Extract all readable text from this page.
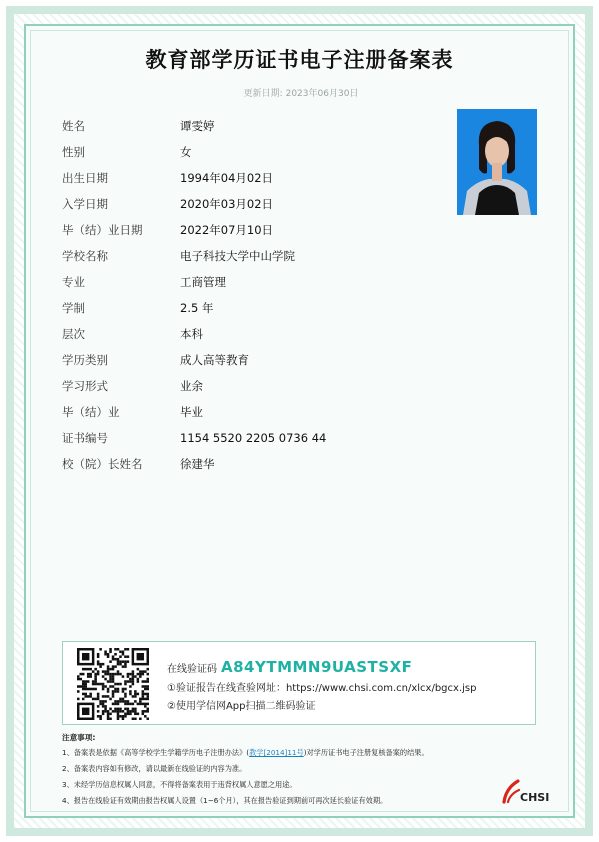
教育部学历证书电子注册备案表
更新日期: 2023年06月30日
姓名	谭雯婷
性别	女
出生日期	1994年04月02日
入学日期	2020年03月02日
毕（结）业日期	2022年07月10日
学校名称	电子科技大学中山学院
专业	工商管理
学制	2.5 年
层次	本科
学历类别	成人高等教育
学习形式	业余
毕（结）业	毕业
证书编号	1154 5520 2205 0736 44
校（院）长姓名	徐建华
在线验证码 A84YTMMN9UASTSXF
①验证报告在线查验网址：https://www.chsi.com.cn/xlcx/bgcx.jsp
②使用学信网App扫描二维码验证
注意事项:
1、备案表是依据《高等学校学生学籍学历电子注册办法》(教学[2014]11号)对学历证书电子注册复核备案的结果。
2、备案表内容如有修改，请以最新在线验证的内容为准。
3、未经学历信息权属人同意，不得将备案表用于违背权属人意愿之用途。
4、报告在线验证有效期由报告权属人设置（1~6个月），其在报告验证到期前可再次延长验证有效期。	CHSI
